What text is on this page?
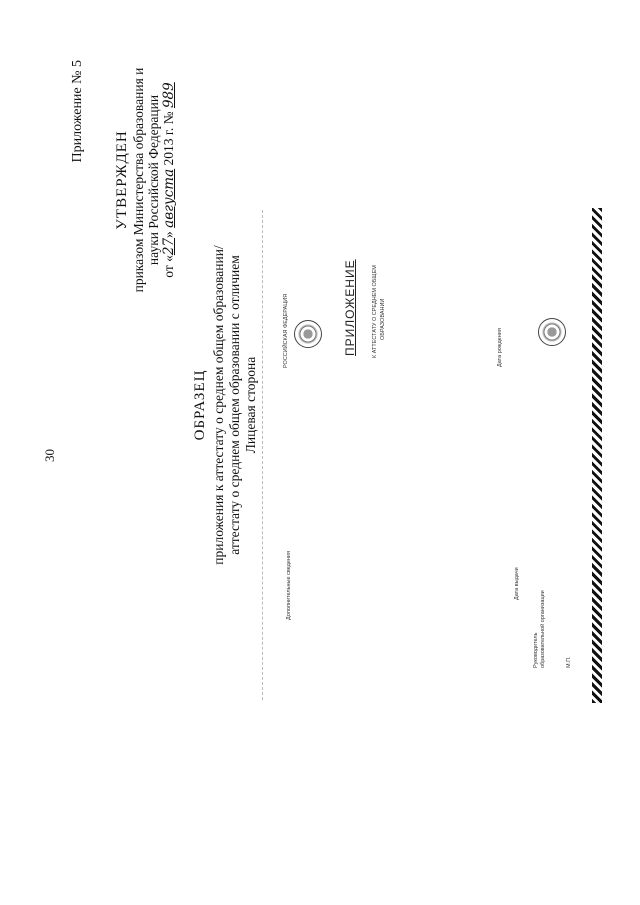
30
Приложение № 5
УТВЕРЖДЕН приказом Министерства образования и науки Российской Федерации
от «27» августа 2013 г. № 989
ОБРАЗЕЦ приложения к аттестату о среднем общем образовании/ аттестату о среднем общем образовании с отличием Лицевая сторона
РОССИЙСКАЯ ФЕДЕРАЦИЯ	ПРИЛОЖЕНИЕ	К АТТЕСТАТУ О СРЕДНЕМ ОБЩЕМ ОБРАЗОВАНИИ
Дата рождения
Дополнительные сведения	Дата выдачи
Руководитель образовательной организации	М.П.
